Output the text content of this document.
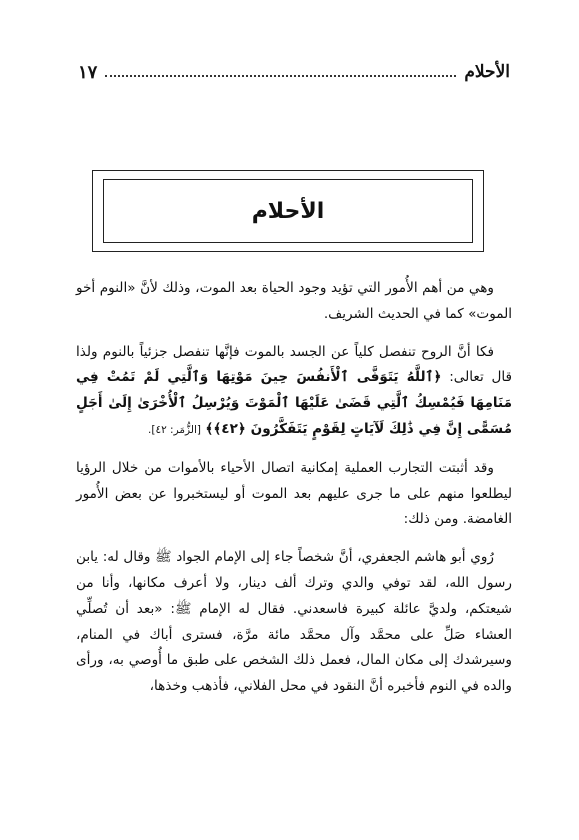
الأحلام
١٧
الأحلام

وهي من أهم الأُمور التي تؤيد وجود الحياة بعد الموت، وذلك لأنَّ «النوم أخو الموت» كما في الحديث الشريف.

فكا أنَّ الروح تنفصل كلياً عن الجسد بالموت فإنَّها تنفصل جزئياً بالنوم ولذا قال تعالى: ﴿ٱللَّهُ يَتَوَفَّى ٱلْأَنفُسَ حِينَ مَوْتِهَا وَٱلَّتِي لَمْ تَمُتْ فِي مَنَامِهَا فَيُمْسِكُ ٱلَّتِي قَضَىٰ عَلَيْهَا ٱلْمَوْتَ وَيُرْسِلُ ٱلْأُخْرَىٰ إِلَىٰ أَجَلٍ مُسَمًّى إِنَّ فِي ذَٰلِكَ لَآيَاتٍ لِقَوْمٍ يَتَفَكَّرُونَ ﴿٤٢﴾﴾ [الزُّمَر: ٤٢].

وقد أثبتت التجارب العملية إمكانية اتصال الأحياء بالأموات من خلال الرؤيا ليطلعوا منهم على ما جرى عليهم بعد الموت أو ليستخبروا عن بعض الأُمور الغامضة. ومن ذلك:

رُوي أبو هاشم الجعفري، أنَّ شخصاً جاء إلى الإمام الجواد ﷺ وقال له: يابن رسول الله، لقد توفي والدي وترك ألف دينار، ولا أعرف مكانها، وأنا من شيعتكم، ولديَّ عائلة كبيرة فاسعدني. فقال له الإمام ﷺ: «بعد أن تُصلِّي العشاء صَلِّ على محمَّد وآل محمَّد مائة مرَّة، فسترى أباك في المنام، وسيرشدك إلى مكان المال، فعمل ذلك الشخص على طبق ما أُوصي به، ورأى والده في النوم فأخبره أنَّ النقود في محل الفلاني، فأذهب وخذها،
